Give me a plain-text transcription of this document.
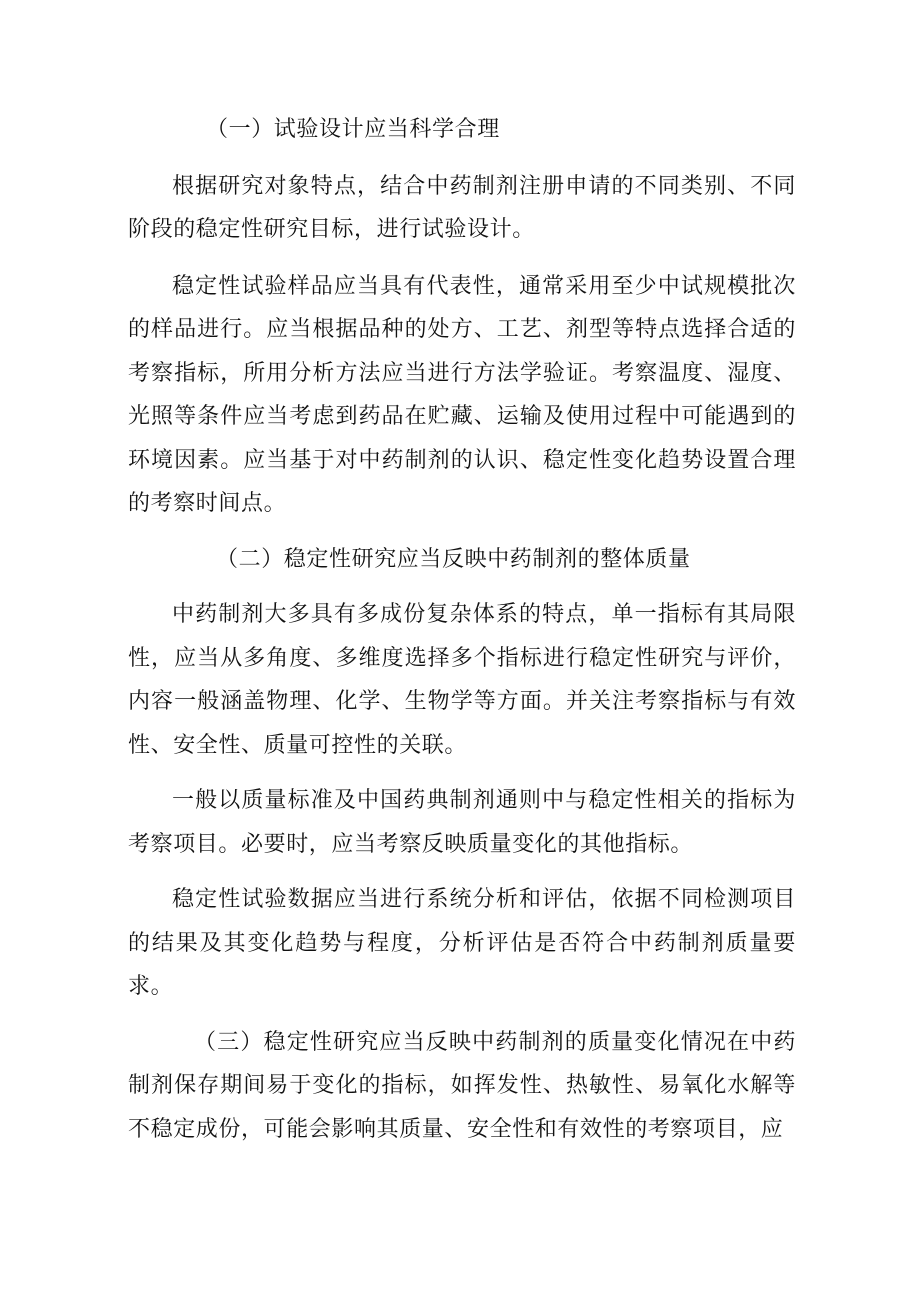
（一）试验设计应当科学合理

根据研究对象特点，结合中药制剂注册申请的不同类别、不同阶段的稳定性研究目标，进行试验设计。

稳定性试验样品应当具有代表性，通常采用至少中试规模批次的样品进行。应当根据品种的处方、工艺、剂型等特点选择合适的考察指标，所用分析方法应当进行方法学验证。考察温度、湿度、光照等条件应当考虑到药品在贮藏、运输及使用过程中可能遇到的环境因素。应当基于对中药制剂的认识、稳定性变化趋势设置合理的考察时间点。

（二）稳定性研究应当反映中药制剂的整体质量

中药制剂大多具有多成份复杂体系的特点，单一指标有其局限性，应当从多角度、多维度选择多个指标进行稳定性研究与评价，内容一般涵盖物理、化学、生物学等方面。并关注考察指标与有效性、安全性、质量可控性的关联。

一般以质量标准及中国药典制剂通则中与稳定性相关的指标为考察项目。必要时，应当考察反映质量变化的其他指标。

稳定性试验数据应当进行系统分析和评估，依据不同检测项目的结果及其变化趋势与程度，分析评估是否符合中药制剂质量要求。

（三）稳定性研究应当反映中药制剂的质量变化情况在中药制剂保存期间易于变化的指标，如挥发性、热敏性、易氧化水解等不稳定成份，可能会影响其质量、安全性和有效性的考察项目，应
